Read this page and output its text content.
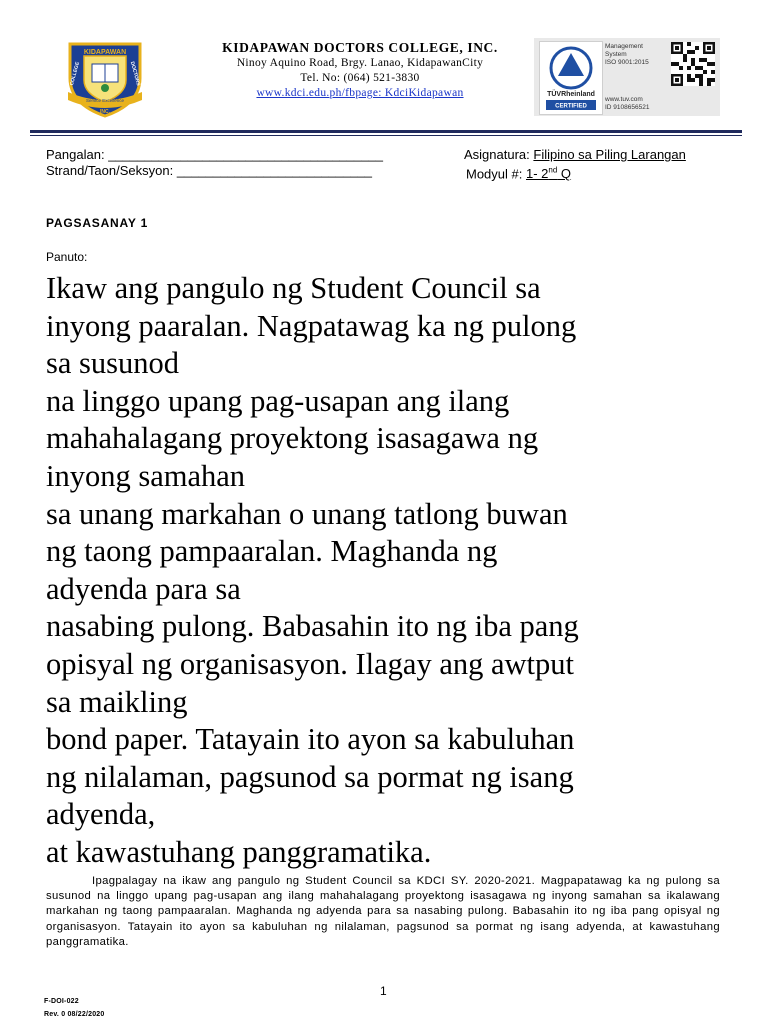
KIDAPAWAN
COLLEGE	DOCTORS
Service Excellence
INC.
KIDAPAWAN DOCTORS COLLEGE, INC.
Ninoy Aquino Road, Brgy. Lanao, KidapawanCity
Tel. No: (064) 521-3830
www.kdci.edu.ph/fbpage: KdciKidapawan	TÜVRheinland
CERTIFIED
Management
System
ISO 9001:2015
www.tuv.com
ID 9108656521
Pangalan: ______________________________________
Strand/Taon/Seksyon: ___________________________
Asignatura: Filipino sa Piling Larangan
Modyul #: 1- 2nd Q
PAGSASANAY 1
Panuto:
Ikaw ang pangulo ng Student Council sa
inyong paaralan. Nagpatawag ka ng pulong
sa susunod
na linggo upang pag-usapan ang ilang
mahahalagang proyektong isasagawa ng
inyong samahan
sa unang markahan o unang tatlong buwan
ng taong pampaaralan. Maghanda ng
adyenda para sa
nasabing pulong. Babasahin ito ng iba pang
opisyal ng organisasyon. Ilagay ang awtput
sa maikling
bond paper. Tatayain ito ayon sa kabuluhan
ng nilalaman, pagsunod sa pormat ng isang
adyenda,
at kawastuhang panggramatika.
Ipagpalagay na ikaw ang pangulo ng Student Council sa KDCI SY. 2020-2021. Magpapatawag ka ng pulong sa susunod na linggo upang pag-usapan ang ilang mahahalagang proyektong isasagawa ng inyong samahan sa ikalawang markahan ng taong pampaaralan. Maghanda ng adyenda para sa nasabing pulong. Babasahin ito ng iba pang opisyal ng organisasyon. Tatayain ito ayon sa kabuluhan ng nilalaman, pagsunod sa pormat ng isang adyenda, at kawastuhang panggramatika.
1
F-DOI-022
Rev. 0 08/22/2020
